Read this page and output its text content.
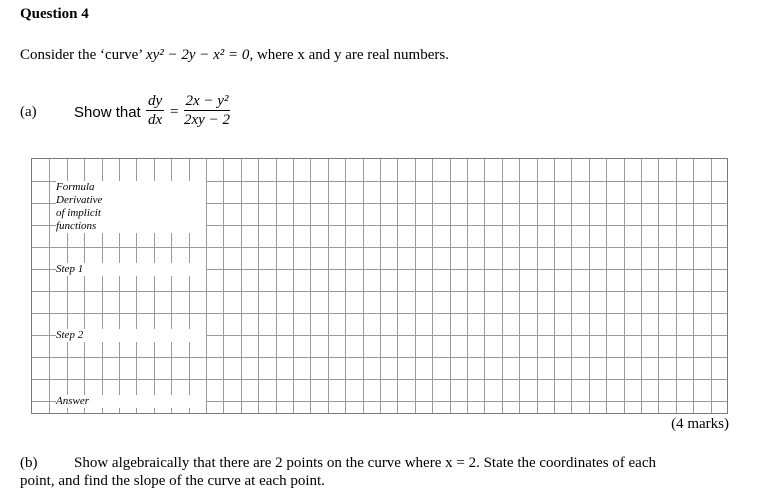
Question 4
Consider the ‘curve’ xy² − 2y − x² = 0, where x and y are real numbers.
(a) Show that $\frac{dy}{dx} = \frac{\text{2x − y²}}{2xy - 2}$
Formula
Derivative
of implicit
functions
Step 1
Step 2
Answer
(4 marks)
(b) Show algebraically that there are 2 points on the curve where x = 2. State the coordinates of each
point, and find the slope of the curve at each point.
